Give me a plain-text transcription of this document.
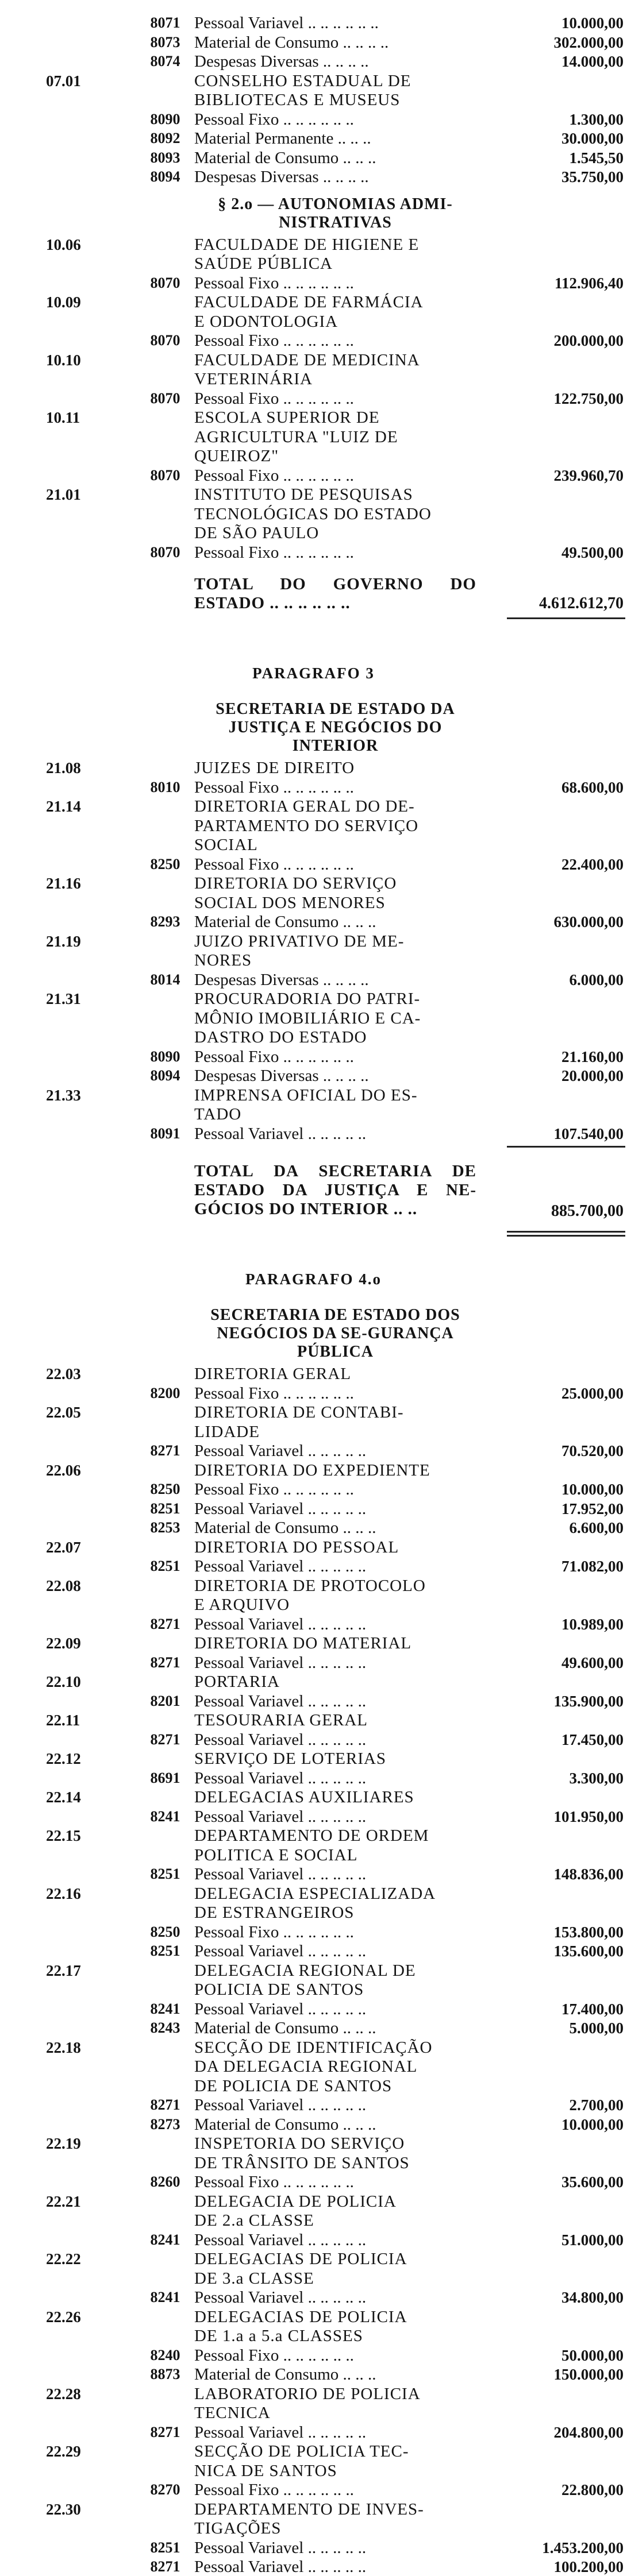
8071 Pessoal Variavel .. .. .. .. .. ..	10.000,00
8073 Material de Consumo .. .. .. ..	302.000,00
8074 Despesas Diversas .. .. .. ..	14.000,00
07.01	CONSELHO ESTADUAL DE
BIBLIOTECAS E MUSEUS
8090 Pessoal Fixo .. .. .. .. .. ..	1.300,00
8092 Material Permanente .. .. ..	30.000,00
8093 Material de Consumo .. .. ..	1.545,50
8094 Despesas Diversas .. .. .. ..	35.750,00
§ 2.o — AUTONOMIAS ADMI-NISTRATIVAS
10.06	FACULDADE DE HIGIENE E
SAÚDE PÚBLICA
8070 Pessoal Fixo .. .. .. .. .. ..	112.906,40
10.09	FACULDADE DE FARMÁCIA
E ODONTOLOGIA
8070 Pessoal Fixo .. .. .. .. .. ..	200.000,00
10.10	FACULDADE DE MEDICINA
VETERINÁRIA
8070 Pessoal Fixo .. .. .. .. .. ..	122.750,00
10.11	ESCOLA SUPERIOR DE
AGRICULTURA "LUIZ DE
QUEIROZ"
8070 Pessoal Fixo .. .. .. .. .. ..	239.960,70
21.01	INSTITUTO DE PESQUISAS
TECNOLÓGICAS DO ESTADO
DE SÃO PAULO
8070 Pessoal Fixo .. .. .. .. .. ..	49.500,00
TOTAL DO GOVERNO DO ESTADO .. .. .. .. .. ..	4.612.612,70
PARAGRAFO 3
SECRETARIA DE ESTADO DA JUSTIÇA E NEGÓCIOS DO INTERIOR
21.08	JUIZES DE DIREITO
8010 Pessoal Fixo .. .. .. .. .. ..	68.600,00
21.14	DIRETORIA GERAL DO DE-
PARTAMENTO DO SERVIÇO
SOCIAL
8250 Pessoal Fixo .. .. .. .. .. ..	22.400,00
21.16	DIRETORIA DO SERVIÇO
SOCIAL DOS MENORES
8293 Material de Consumo .. .. ..	630.000,00
21.19	JUIZO PRIVATIVO DE ME-
NORES
8014 Despesas Diversas .. .. .. ..	6.000,00
21.31	PROCURADORIA DO PATRI-
MÔNIO IMOBILIÁRIO E CA-
DASTRO DO ESTADO
8090 Pessoal Fixo .. .. .. .. .. ..	21.160,00
8094 Despesas Diversas .. .. .. ..	20.000,00
21.33	IMPRENSA OFICIAL DO ES-
TADO
8091 Pessoal Variavel .. .. .. .. ..	107.540,00
TOTAL DA SECRETARIA DE ESTADO DA JUSTIÇA E NE-GÓCIOS DO INTERIOR .. ..	885.700,00
PARAGRAFO 4.o
SECRETARIA DE ESTADO DOS NEGÓCIOS DA SE-GURANÇA PÚBLICA
22.03	DIRETORIA GERAL
8200 Pessoal Fixo .. .. .. .. .. ..	25.000,00
22.05	DIRETORIA DE CONTABI-
LIDADE
8271 Pessoal Variavel .. .. .. .. ..	70.520,00
22.06	DIRETORIA DO EXPEDIENTE
8250 Pessoal Fixo .. .. .. .. .. ..	10.000,00
8251 Pessoal Variavel .. .. .. .. ..	17.952,00
8253 Material de Consumo .. .. ..	6.600,00
22.07	DIRETORIA DO PESSOAL
8251 Pessoal Variavel .. .. .. .. ..	71.082,00
22.08	DIRETORIA DE PROTOCOLO
E ARQUIVO
8271 Pessoal Variavel .. .. .. .. ..	10.989,00
22.09	DIRETORIA DO MATERIAL
8271 Pessoal Variavel .. .. .. .. ..	49.600,00
22.10	PORTARIA
8201 Pessoal Variavel .. .. .. .. ..	135.900,00
22.11	TESOURARIA GERAL
8271 Pessoal Variavel .. .. .. .. ..	17.450,00
22.12	SERVIÇO DE LOTERIAS
8691 Pessoal Variavel .. .. .. .. ..	3.300,00
22.14	DELEGACIAS AUXILIARES
8241 Pessoal Variavel .. .. .. .. ..	101.950,00
22.15	DEPARTAMENTO DE ORDEM
POLITICA E SOCIAL
8251 Pessoal Variavel .. .. .. .. ..	148.836,00
22.16	DELEGACIA ESPECIALIZADA
DE ESTRANGEIROS
8250 Pessoal Fixo .. .. .. .. .. ..	153.800,00
8251 Pessoal Variavel .. .. .. .. ..	135.600,00
22.17	DELEGACIA REGIONAL DE
POLICIA DE SANTOS
8241 Pessoal Variavel .. .. .. .. ..	17.400,00
8243 Material de Consumo .. .. ..	5.000,00
22.18	SECÇÃO DE IDENTIFICAÇÃO
DA DELEGACIA REGIONAL
DE POLICIA DE SANTOS
8271 Pessoal Variavel .. .. .. .. ..	2.700,00
8273 Material de Consumo .. .. ..	10.000,00
22.19	INSPETORIA DO SERVIÇO
DE TRÂNSITO DE SANTOS
8260 Pessoal Fixo .. .. .. .. .. ..	35.600,00
22.21	DELEGACIA DE POLICIA
DE 2.a CLASSE
8241 Pessoal Variavel .. .. .. .. ..	51.000,00
22.22	DELEGACIAS DE POLICIA
DE 3.a CLASSE
8241 Pessoal Variavel .. .. .. .. ..	34.800,00
22.26	DELEGACIAS DE POLICIA
DE 1.a a 5.a CLASSES
8240 Pessoal Fixo .. .. .. .. .. ..	50.000,00
8873 Material de Consumo .. .. ..	150.000,00
22.28	LABORATORIO DE POLICIA
TECNICA
8271 Pessoal Variavel .. .. .. .. ..	204.800,00
22.29	SECÇÃO DE POLICIA TEC-
NICA DE SANTOS
8270 Pessoal Fixo .. .. .. .. .. ..	22.800,00
22.30	DEPARTAMENTO DE INVES-
TIGAÇÕES
8251 Pessoal Variavel .. .. .. .. ..	1.453.200,00
8271 Pessoal Variavel .. .. .. .. ..	100.200,00
